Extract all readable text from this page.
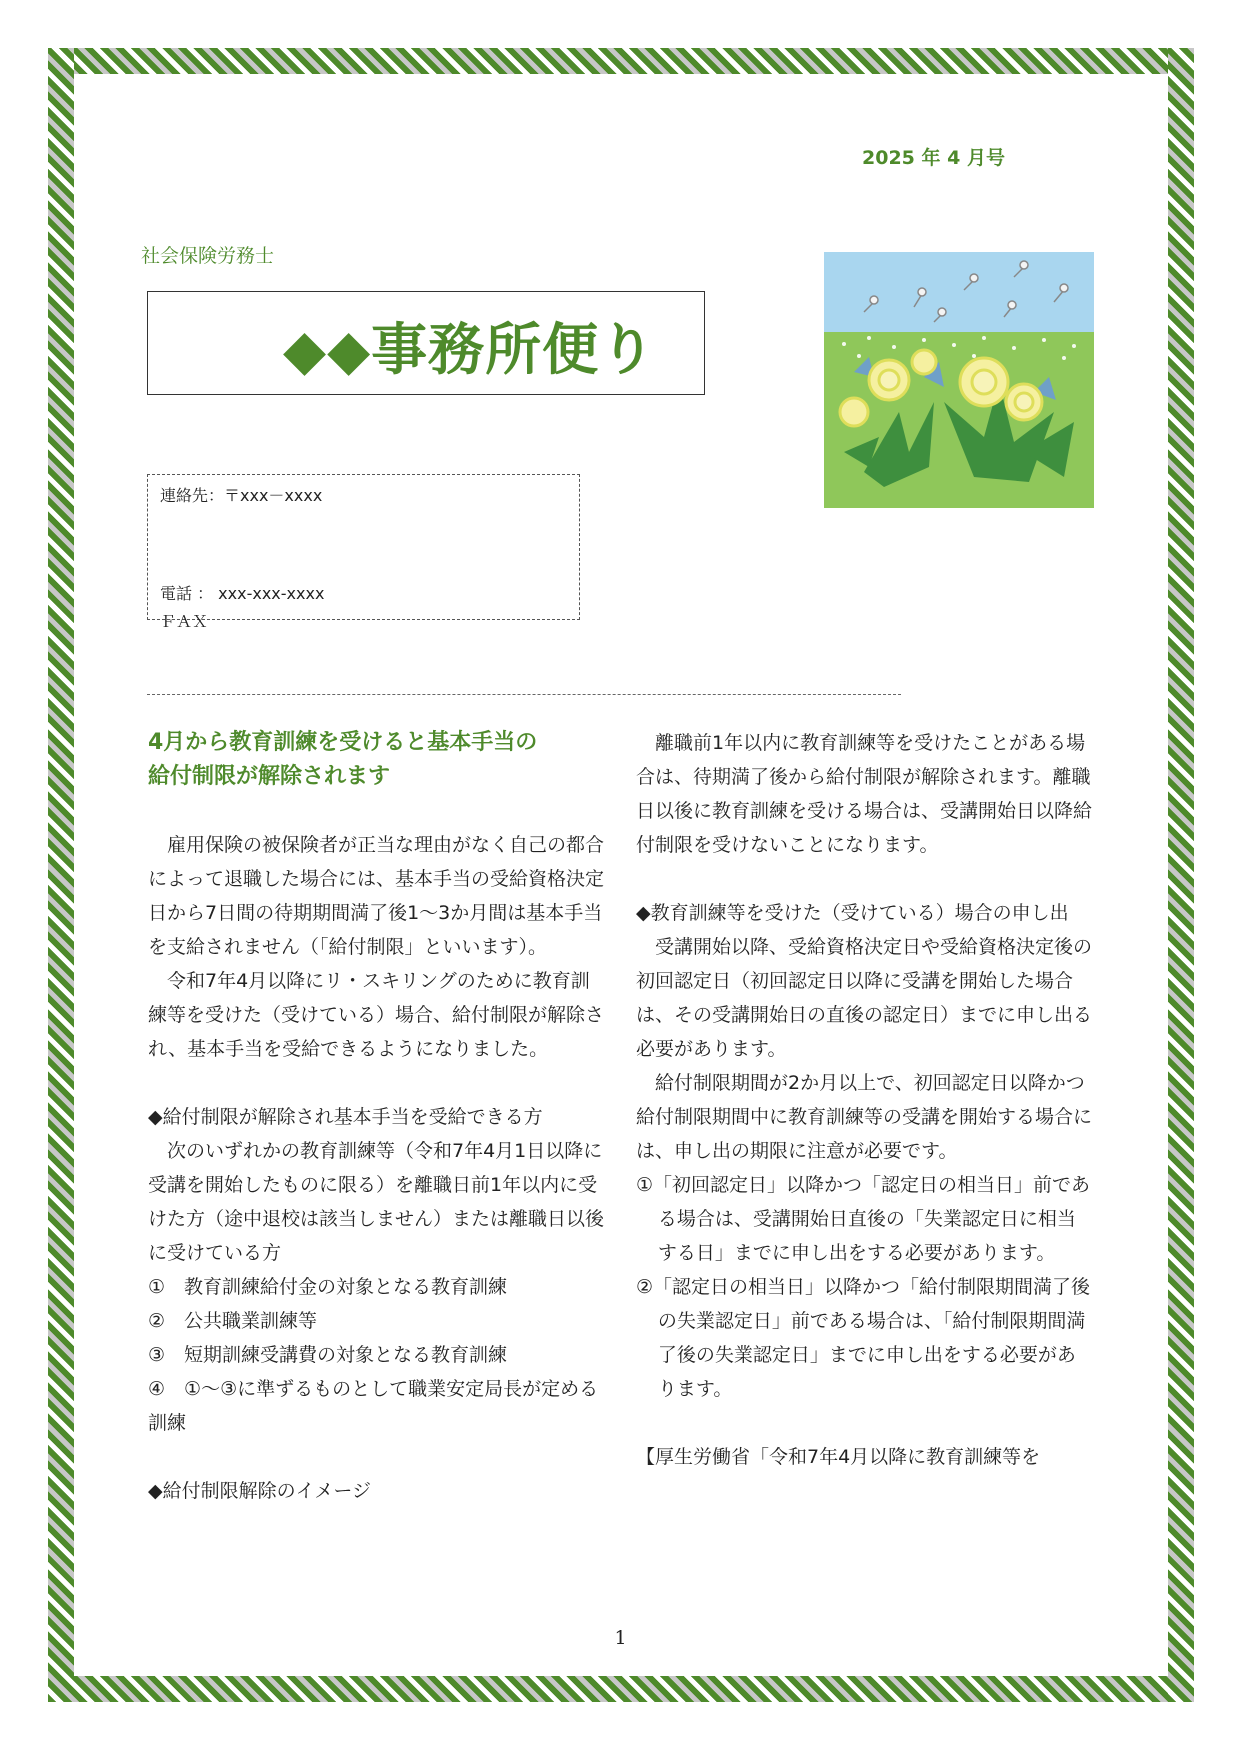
2025 年 4 月号
社会保険労務士
◆◆事務所便り
連絡先：〒xxx－xxxx
電話 ： xxx-xxx-xxxx
ＦＡＸ
4月から教育訓練を受けると基本手当の
給付制限が解除されます

雇用保険の被保険者が正当な理由がなく自己の都合によって退職した場合には、基本手当の受給資格決定日から7日間の待期期間満了後1～3か月間は基本手当を支給されません（「給付制限」といいます）。

令和7年4月以降にリ・スキリングのために教育訓練等を受けた（受けている）場合、給付制限が解除され、基本手当を受給できるようになりました。

◆給付制限が解除され基本手当を受給できる方

次のいずれかの教育訓練等（令和7年4月1日以降に受講を開始したものに限る）を離職日前1年以内に受けた方（途中退校は該当しません）または離職日以後に受けている方

①　教育訓練給付金の対象となる教育訓練

②　公共職業訓練等

③　短期訓練受講費の対象となる教育訓練

④　①～③に準ずるものとして職業安定局長が定める訓練

◆給付制限解除のイメージ

離職前1年以内に教育訓練等を受けたことがある場合は、待期満了後から給付制限が解除されます。離職日以後に教育訓練を受ける場合は、受講開始日以降給付制限を受けないことになります。

◆教育訓練等を受けた（受けている）場合の申し出

受講開始以降、受給資格決定日や受給資格決定後の初回認定日（初回認定日以降に受講を開始した場合は、その受講開始日の直後の認定日）までに申し出る必要があります。

給付制限期間が2か月以上で、初回認定日以降かつ給付制限期間中に教育訓練等の受講を開始する場合には、申し出の期限に注意が必要です。

①「初回認定日」以降かつ「認定日の相当日」前である場合は、受講開始日直後の「失業認定日に相当する日」までに申し出をする必要があります。

②「認定日の相当日」以降かつ「給付制限期間満了後の失業認定日」前である場合は、「給付制限期間満了後の失業認定日」までに申し出をする必要があります。

【厚生労働省「令和7年4月以降に教育訓練等を

1
